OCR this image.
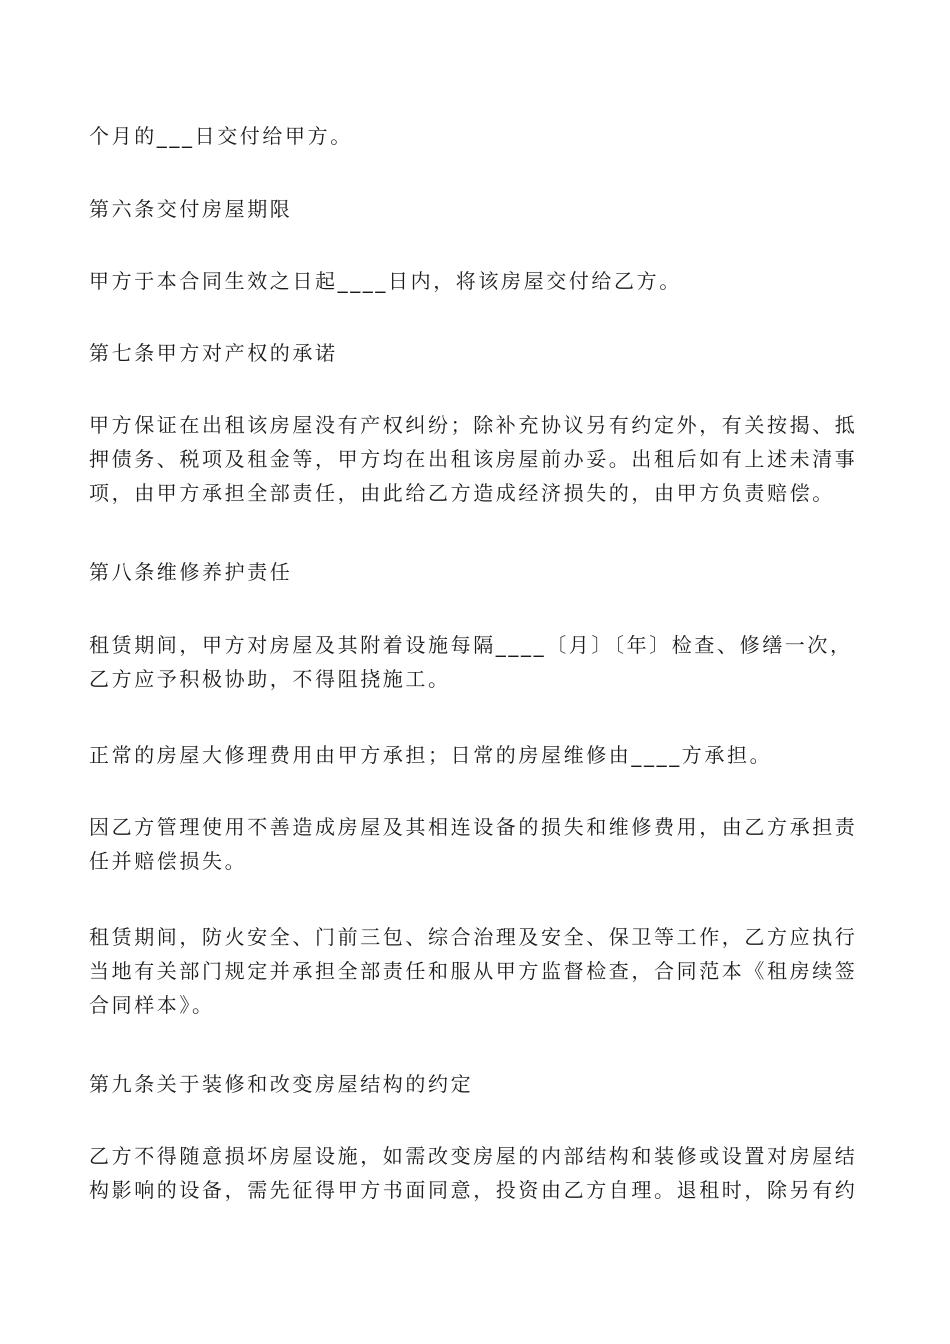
个月的___日交付给甲方。

第六条交付房屋期限

甲方于本合同生效之日起____日内，将该房屋交付给乙方。

第七条甲方对产权的承诺

甲方保证在出租该房屋没有产权纠纷；除补充协议另有约定外，有关按揭、抵
押债务、税项及租金等，甲方均在出租该房屋前办妥。出租后如有上述未清事
项，由甲方承担全部责任，由此给乙方造成经济损失的，由甲方负责赔偿。

第八条维修养护责任

租赁期间，甲方对房屋及其附着设施每隔____〔月〕〔年〕检查、修缮一次，
乙方应予积极协助，不得阻挠施工。

正常的房屋大修理费用由甲方承担；日常的房屋维修由____方承担。

因乙方管理使用不善造成房屋及其相连设备的损失和维修费用，由乙方承担责
任并赔偿损失。

租赁期间，防火安全、门前三包、综合治理及安全、保卫等工作，乙方应执行
当地有关部门规定并承担全部责任和服从甲方监督检查，合同范本《租房续签
合同样本》。

第九条关于装修和改变房屋结构的约定

乙方不得随意损坏房屋设施，如需改变房屋的内部结构和装修或设置对房屋结
构影响的设备，需先征得甲方书面同意，投资由乙方自理。退租时，除另有约
